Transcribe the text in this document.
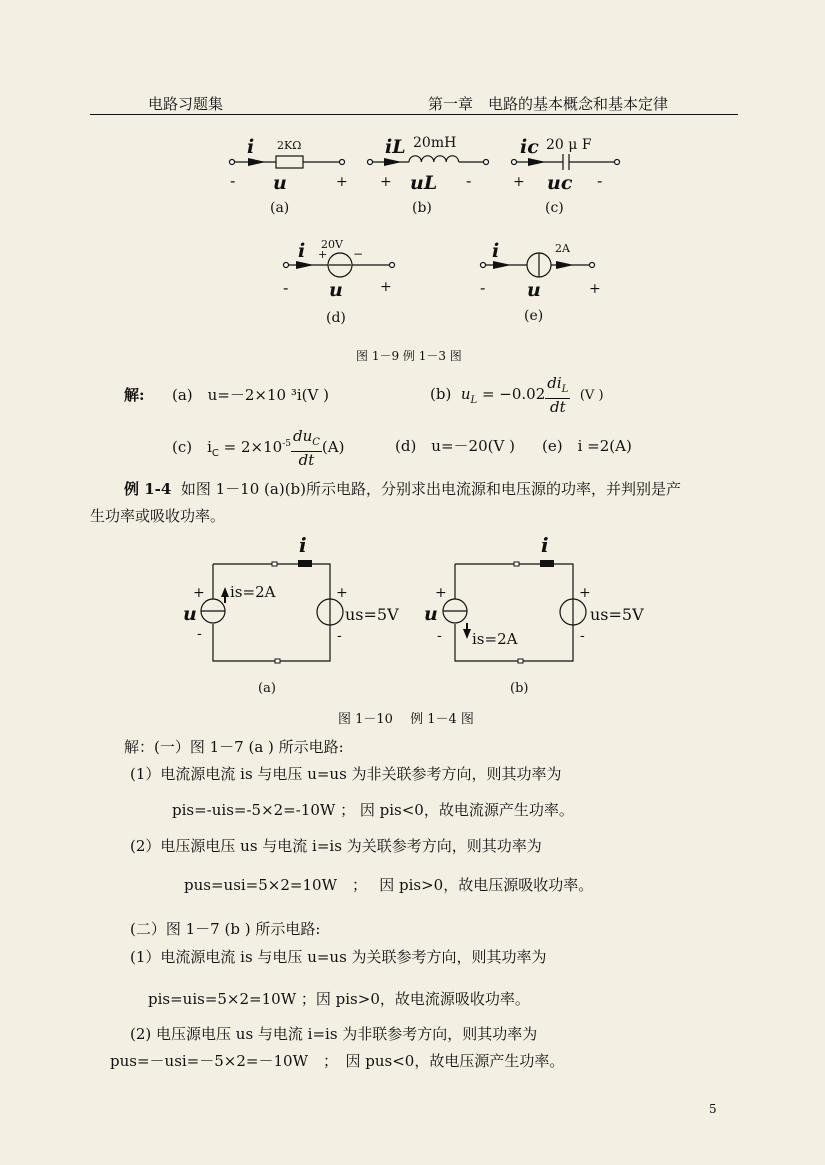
电路习题集	第一章　电路的基本概念和基本定律
i 2KΩ
- u	+
(a)
iL 20mH
+ uL -
(b)
ic 20 μ F
+ uc -
(c)
i 20V
+ −
- u	+
(d)
i	2A
- u	+
(e)
图 1－9 例 1－3 图
解: (a)　u=－2×10 ³i(V )	(b) $u_L = -0.02 \frac{di_L}{dt} (V$ )
(c)　$i_C = 2\times 10^{-5} \frac{du_C}{dt} (A)$	(d)　u=－20(V ) (e)　i =2(A)
例 1-4 如图 1－10 (a)(b)所示电路，分别求出电流源和电压源的功率，并判别是产
生功率或吸收功率。
i
+
u
-
is=2A	+
us=5V
-
(a)
i
+
u
- is=2A
+
us=5V
-
(b)
图 1－10　 例 1－4 图
解：(一）图 1－7 (a ) 所示电路:
(1）电流源电流 is 与电压 u=us 为非关联参考方向，则其功率为
pis=-uis=-5×2=-10W ； 因 pis<0，故电流源产生功率。
(2）电压源电压 us 与电流 i=is 为关联参考方向，则其功率为
pus=usi=5×2=10W　；　 因 pis>0，故电压源吸收功率。
(二）图 1－7 (b ) 所示电路:
(1）电流源电流 is 与电压 u=us 为关联参考方向，则其功率为
pis=uis=5×2=10W ；因 pis>0，故电流源吸收功率。
(2) 电压源电压 us 与电流 i=is 为非联参考方向，则其功率为
pus=－usi=－5×2=－10W　；　因 pus<0，故电压源产生功率。
5
